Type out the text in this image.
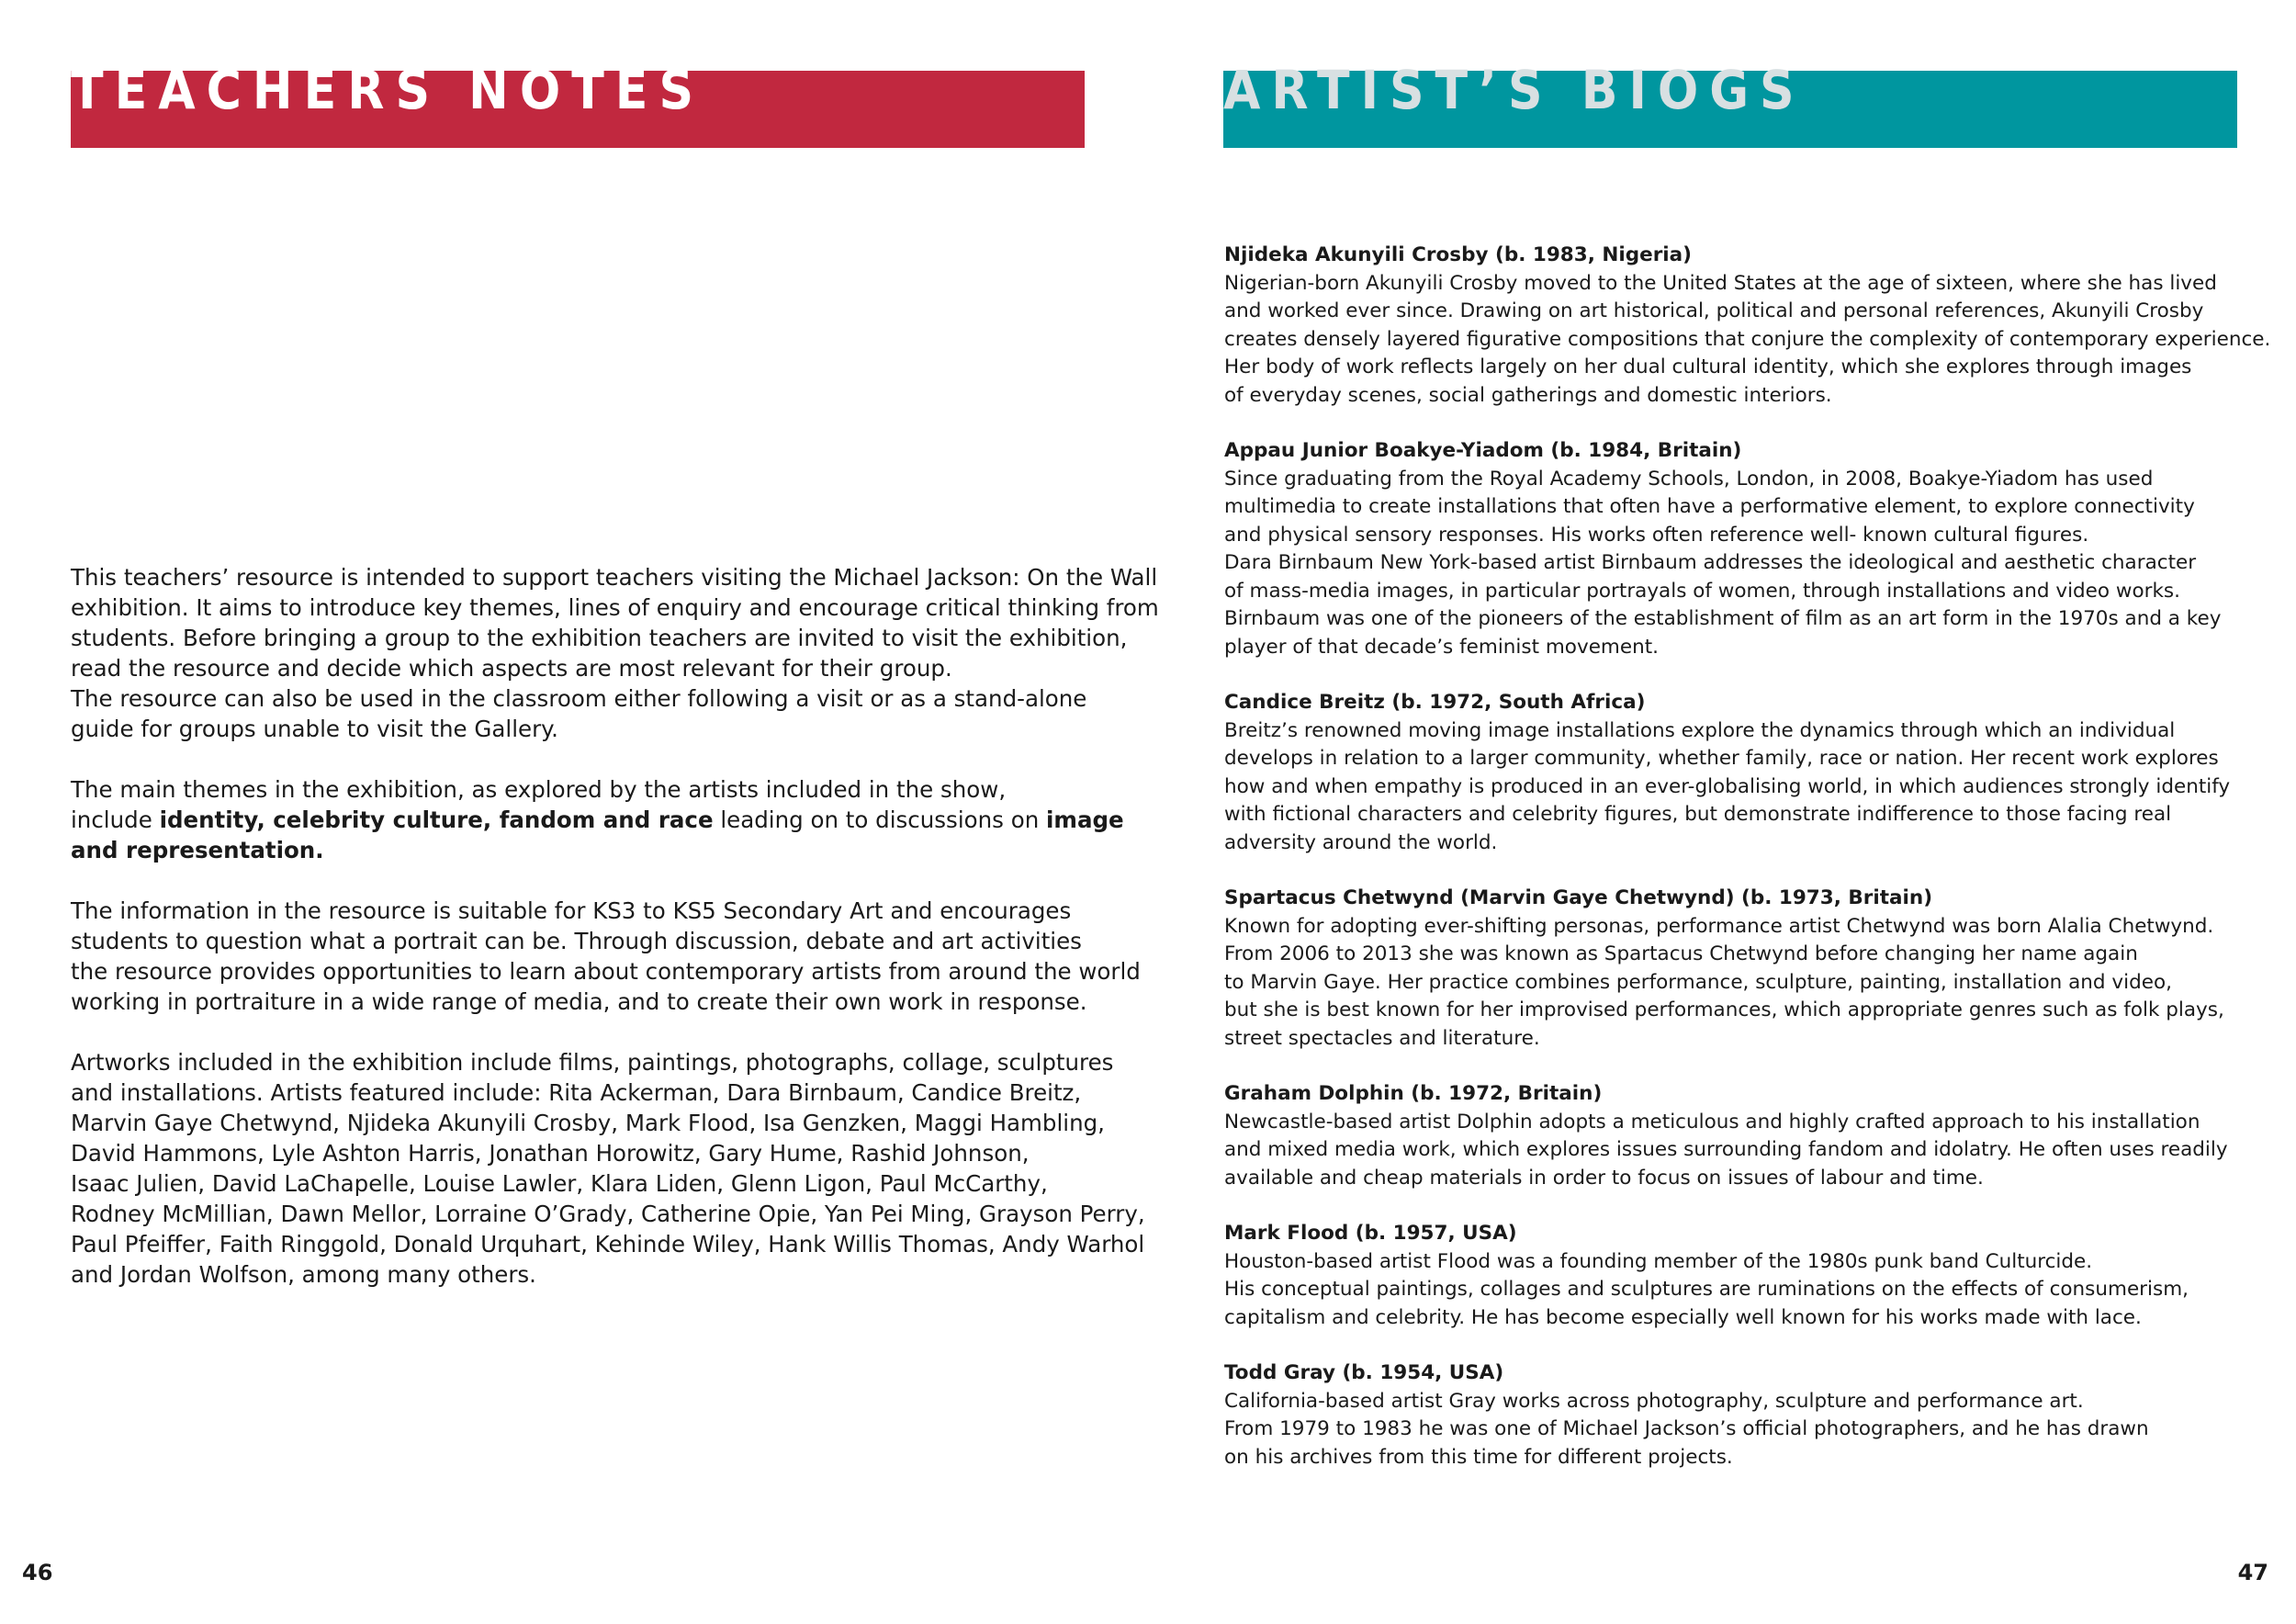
TEACHERS NOTES

This teachers’ resource is intended to support teachers visiting the Michael Jackson: On the Wall
exhibition. It aims to introduce key themes, lines of enquiry and encourage critical thinking from
students. Before bringing a group to the exhibition teachers are invited to visit the exhibition,
read the resource and decide which aspects are most relevant for their group.
The resource can also be used in the classroom either following a visit or as a stand-alone
guide for groups unable to visit the Gallery.

The main themes in the exhibition, as explored by the artists included in the show,
include identity, celebrity culture, fandom and race leading on to discussions on image
and representation.

The information in the resource is suitable for KS3 to KS5 Secondary Art and encourages
students to question what a portrait can be. Through discussion, debate and art activities
the resource provides opportunities to learn about contemporary artists from around the world
working in portraiture in a wide range of media, and to create their own work in response.

Artworks included in the exhibition include films, paintings, photographs, collage, sculptures
and installations. Artists featured include: Rita Ackerman, Dara Birnbaum, Candice Breitz,
Marvin Gaye Chetwynd, Njideka Akunyili Crosby, Mark Flood, Isa Genzken, Maggi Hambling,
David Hammons, Lyle Ashton Harris, Jonathan Horowitz, Gary Hume, Rashid Johnson,
Isaac Julien, David LaChapelle, Louise Lawler, Klara Liden, Glenn Ligon, Paul McCarthy,
Rodney McMillian, Dawn Mellor, Lorraine O’Grady, Catherine Opie, Yan Pei Ming, Grayson Perry,
Paul Pfeiffer, Faith Ringgold, Donald Urquhart, Kehinde Wiley, Hank Willis Thomas, Andy Warhol
and Jordan Wolfson, among many others.

46
ARTIST’S BIOGS
Njideka Akunyili Crosby (b. 1983, Nigeria)
Nigerian-born Akunyili Crosby moved to the United States at the age of sixteen, where she has lived
and worked ever since. Drawing on art historical, political and personal references, Akunyili Crosby
creates densely layered figurative compositions that conjure the complexity of contemporary experience.
Her body of work reflects largely on her dual cultural identity, which she explores through images
of everyday scenes, social gatherings and domestic interiors.
Appau Junior Boakye-Yiadom (b. 1984, Britain)
Since graduating from the Royal Academy Schools, London, in 2008, Boakye-Yiadom has used
multimedia to create installations that often have a performative element, to explore connectivity
and physical sensory responses. His works often reference well- known cultural figures.
Dara Birnbaum New York-based artist Birnbaum addresses the ideological and aesthetic character
of mass-media images, in particular portrayals of women, through installations and video works.
Birnbaum was one of the pioneers of the establishment of film as an art form in the 1970s and a key
player of that decade’s feminist movement.
Candice Breitz (b. 1972, South Africa)
Breitz’s renowned moving image installations explore the dynamics through which an individual
develops in relation to a larger community, whether family, race or nation. Her recent work explores
how and when empathy is produced in an ever-globalising world, in which audiences strongly identify
with fictional characters and celebrity figures, but demonstrate indifference to those facing real
adversity around the world.
Spartacus Chetwynd (Marvin Gaye Chetwynd) (b. 1973, Britain)
Known for adopting ever-shifting personas, performance artist Chetwynd was born Alalia Chetwynd.
From 2006 to 2013 she was known as Spartacus Chetwynd before changing her name again
to Marvin Gaye. Her practice combines performance, sculpture, painting, installation and video,
but she is best known for her improvised performances, which appropriate genres such as folk plays,
street spectacles and literature.
Graham Dolphin (b. 1972, Britain)
Newcastle-based artist Dolphin adopts a meticulous and highly crafted approach to his installation
and mixed media work, which explores issues surrounding fandom and idolatry. He often uses readily
available and cheap materials in order to focus on issues of labour and time.
Mark Flood (b. 1957, USA)
Houston-based artist Flood was a founding member of the 1980s punk band Culturcide.
His conceptual paintings, collages and sculptures are ruminations on the effects of consumerism,
capitalism and celebrity. He has become especially well known for his works made with lace.
Todd Gray (b. 1954, USA)
California-based artist Gray works across photography, sculpture and performance art.
From 1979 to 1983 he was one of Michael Jackson’s official photographers, and he has drawn
on his archives from this time for different projects.
47
